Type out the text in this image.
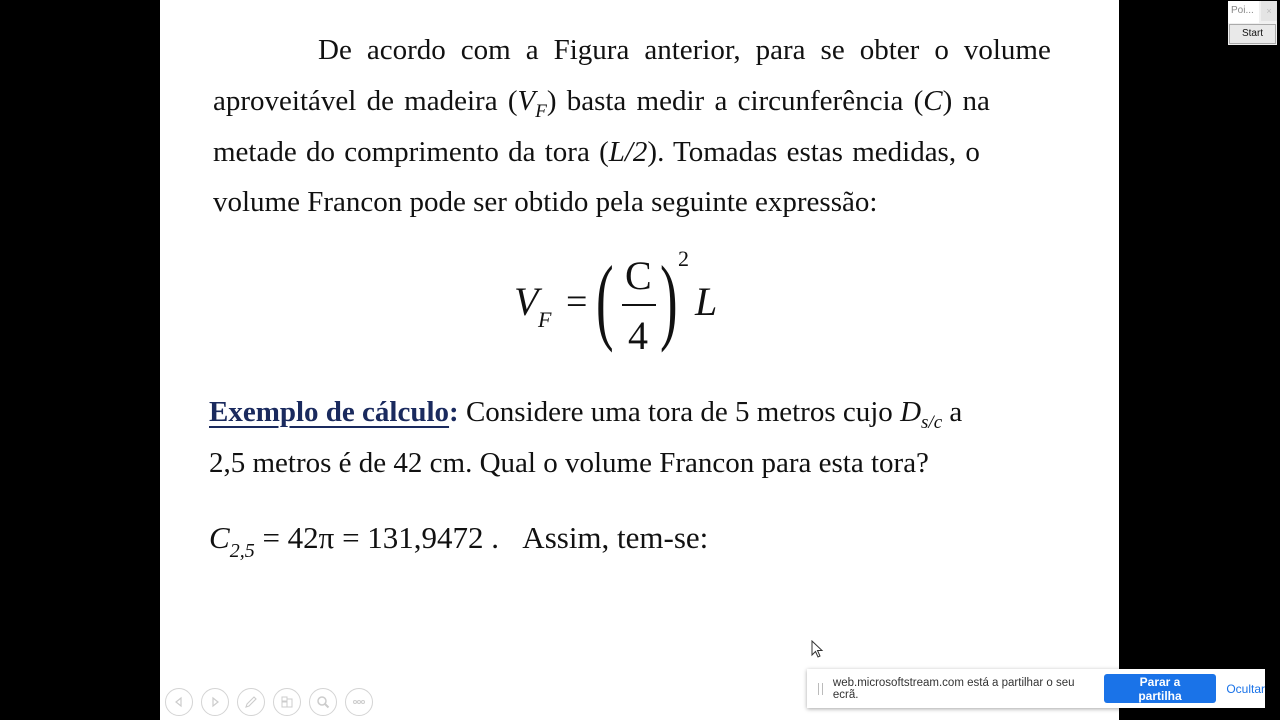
De acordo com a Figura anterior, para se obter o volume
aproveitável de madeira $(V_F)$ basta medir a circunferência (C) na
metade do comprimento da tora (L/2). Tomadas estas medidas, o
volume Francon pode ser obtido pela seguinte expressão:
V F = ( C
4 ) 2
L
Exemplo de cálculo: Considere uma tora de 5 metros cujo $D_{s/c}$ a
2,5 metros é de 42 cm. Qual o volume Francon para esta tora?
$C_{2,5} = 42\pi = 131,9472$ .   Assim, tem-se:
web.microsoftstream.com está a partilhar o seu ecrã.
Parar a partilha	Ocultar
Poi...	×
Start
